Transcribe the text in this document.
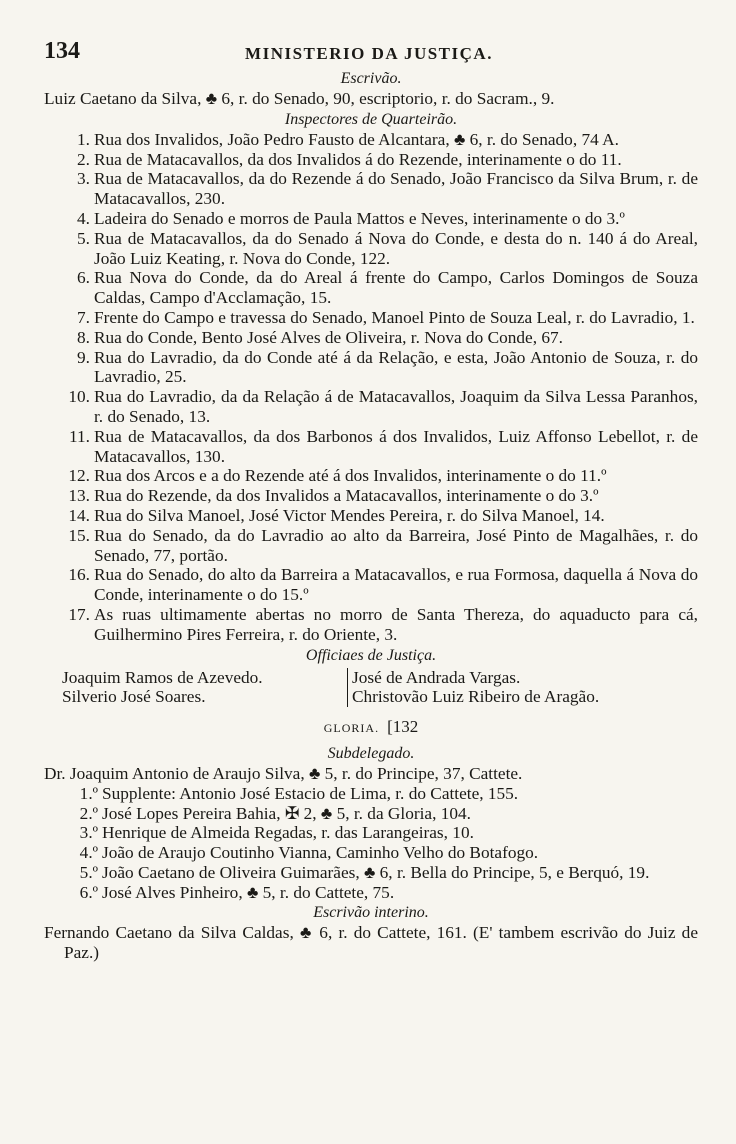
134	MINISTERIO DA JUSTIÇA.
Escrivão.
Luiz Caetano da Silva, ♣ 6, r. do Senado, 90, escriptorio, r. do Sacram., 9.
Inspectores de Quarteirão.
1. Rua dos Invalidos, João Pedro Fausto de Alcantara, ♣ 6, r. do Senado, 74 A.
2. Rua de Matacavallos, da dos Invalidos á do Rezende, interinamente o do 11.
3. Rua de Matacavallos, da do Rezende á do Senado, João Francisco da Silva Brum, r. de Matacavallos, 230.
4. Ladeira do Senado e morros de Paula Mattos e Neves, interinamente o do 3.º
5. Rua de Matacavallos, da do Senado á Nova do Conde, e desta do n. 140 á do Areal, João Luiz Keating, r. Nova do Conde, 122.
6. Rua Nova do Conde, da do Areal á frente do Campo, Carlos Domingos de Souza Caldas, Campo d'Acclamação, 15.
7. Frente do Campo e travessa do Senado, Manoel Pinto de Souza Leal, r. do Lavradio, 1.
8. Rua do Conde, Bento José Alves de Oliveira, r. Nova do Conde, 67.
9. Rua do Lavradio, da do Conde até á da Relação, e esta, João Antonio de Souza, r. do Lavradio, 25.
10. Rua do Lavradio, da da Relação á de Matacavallos, Joaquim da Silva Lessa Paranhos, r. do Senado, 13.
11. Rua de Matacavallos, da dos Barbonos á dos Invalidos, Luiz Affonso Lebellot, r. de Matacavallos, 130.
12. Rua dos Arcos e a do Rezende até á dos Invalidos, interinamente o do 11.º
13. Rua do Rezende, da dos Invalidos a Matacavallos, interinamente o do 3.º
14. Rua do Silva Manoel, José Victor Mendes Pereira, r. do Silva Manoel, 14.
15. Rua do Senado, da do Lavradio ao alto da Barreira, José Pinto de Magalhães, r. do Senado, 77, portão.
16. Rua do Senado, do alto da Barreira a Matacavallos, e rua Formosa, daquella á Nova do Conde, interinamente o do 15.º
17. As ruas ultimamente abertas no morro de Santa Thereza, do aquaducto para cá, Guilhermino Pires Ferreira, r. do Oriente, 3.
Officiaes de Justiça.
Joaquim Ramos de Azevedo.
Silverio José Soares.
José de Andrada Vargas.
Christovão Luiz Ribeiro de Aragão.
GLORIA. [132
Subdelegado.
Dr. Joaquim Antonio de Araujo Silva, ♣ 5, r. do Principe, 37, Cattete.
1.º Supplente: Antonio José Estacio de Lima, r. do Cattete, 155.
2.º José Lopes Pereira Bahia, ✠ 2, ♣ 5, r. da Gloria, 104.
3.º Henrique de Almeida Regadas, r. das Larangeiras, 10.
4.º João de Araujo Coutinho Vianna, Caminho Velho do Botafogo.
5.º João Caetano de Oliveira Guimarães, ♣ 6, r. Bella do Principe, 5, e Berquó, 19.
6.º José Alves Pinheiro, ♣ 5, r. do Cattete, 75.
Escrivão interino.
Fernando Caetano da Silva Caldas, ♣ 6, r. do Cattete, 161. (E' tambem escrivão do Juiz de Paz.)
